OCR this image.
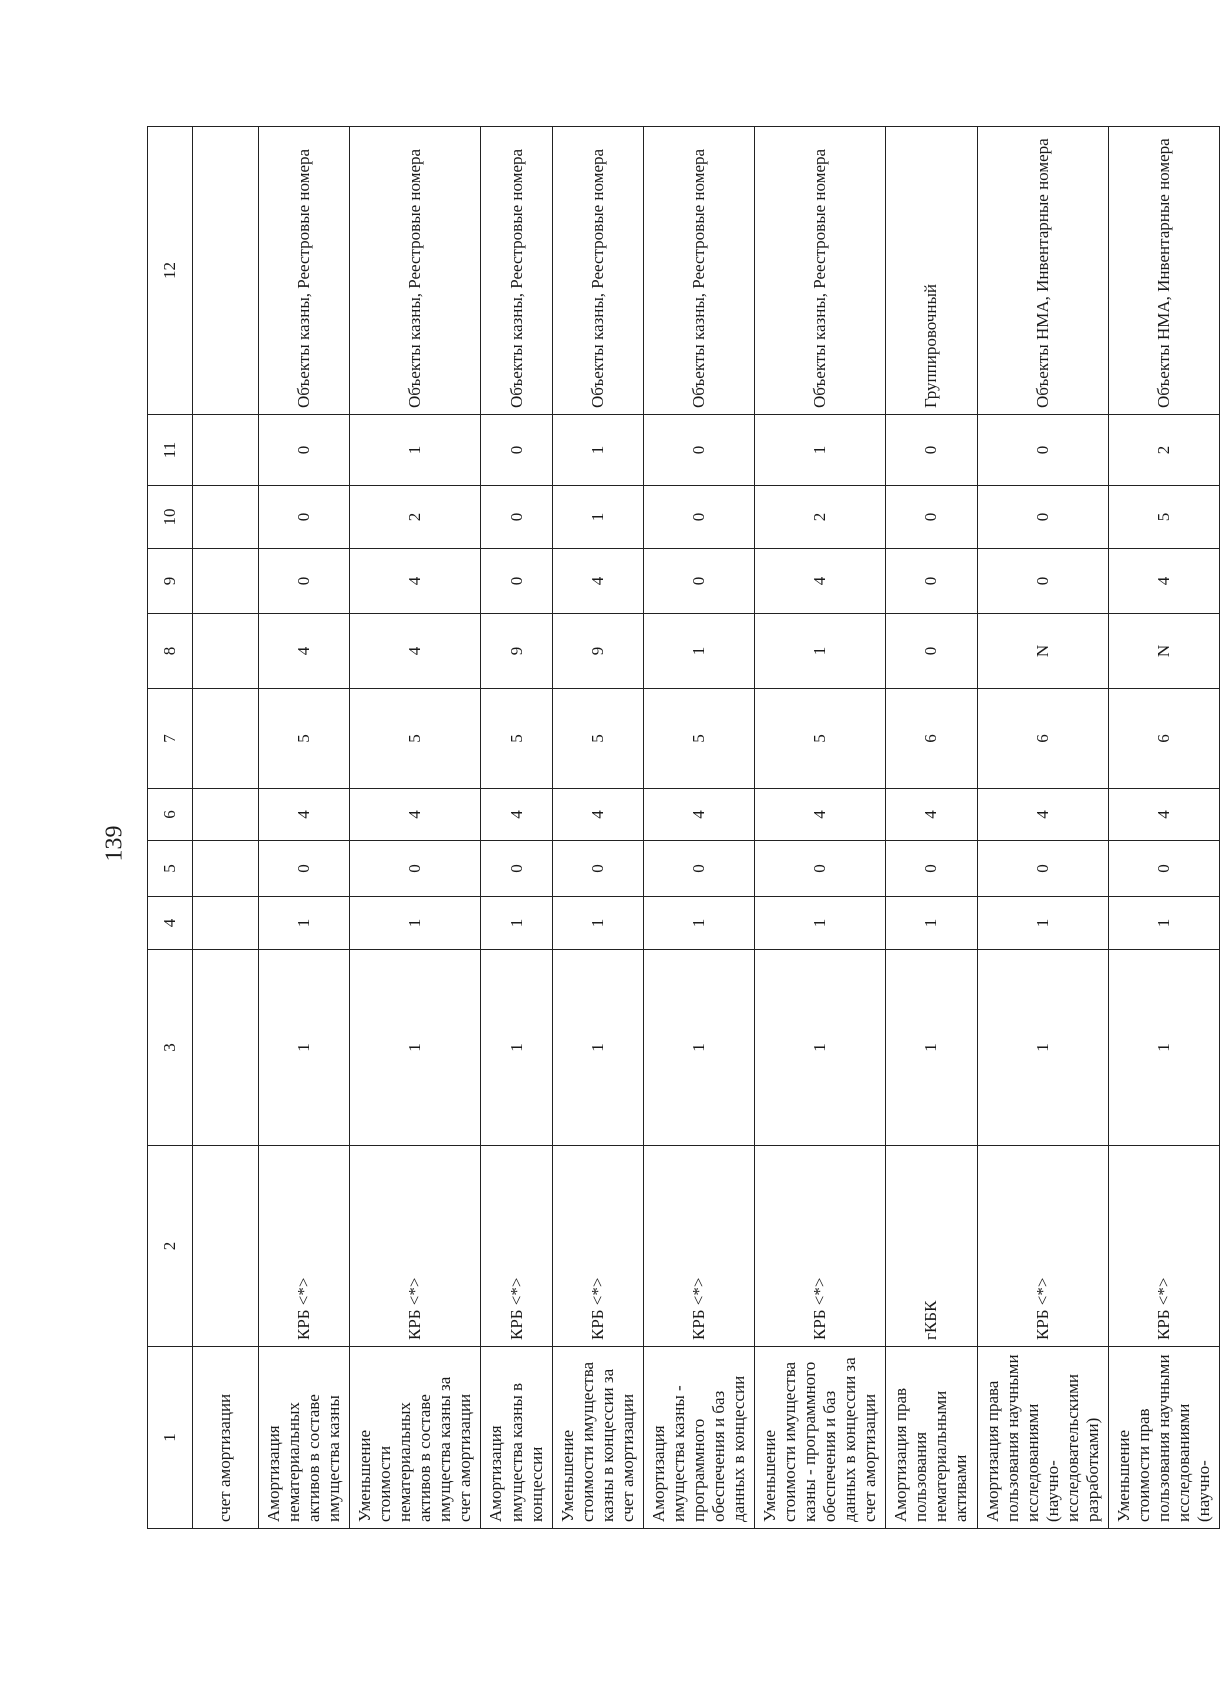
139
1	2	3	4	5	6	7	8	9	10	11	12
счет амортизации											
Амортизация нематериальных активов в составе имущества казны	КРБ <*>	1	1	0	4	5	4	0	0	0	Объекты казны, Реестровые номера
Уменьшение стоимости нематериальных активов в составе имущества казны за счет амортизации	КРБ <*>	1	1	0	4	5	4	4	2	1	Объекты казны, Реестровые номера
Амортизация имущества казны в концессии	КРБ <*>	1	1	0	4	5	9	0	0	0	Объекты казны, Реестровые номера
Уменьшение стоимости имущества казны в концессии за счет амортизации	КРБ <*>	1	1	0	4	5	9	4	1	1	Объекты казны, Реестровые номера
Амортизация имущества казны - программного обеспечения и баз данных в концессии	КРБ <*>	1	1	0	4	5	1	0	0	0	Объекты казны, Реестровые номера
Уменьшение стоимости имущества казны - программного обеспечения и баз данных в концессии за счет амортизации	КРБ <*>	1	1	0	4	5	1	4	2	1	Объекты казны, Реестровые номера
Амортизация прав пользования нематериальными активами	гКБК	1	1	0	4	6	0	0	0	0	Группировочный
Амортизация права пользования научными исследованиями (научно-исследовательскими разработками)	КРБ <*>	1	1	0	4	6	N	0	0	0	Объекты НМА, Инвентарные номера
Уменьшение стоимости прав пользования научными исследованиями (научно-	КРБ <*>	1	1	0	4	6	N	4	5	2	Объекты НМА, Инвентарные номера
